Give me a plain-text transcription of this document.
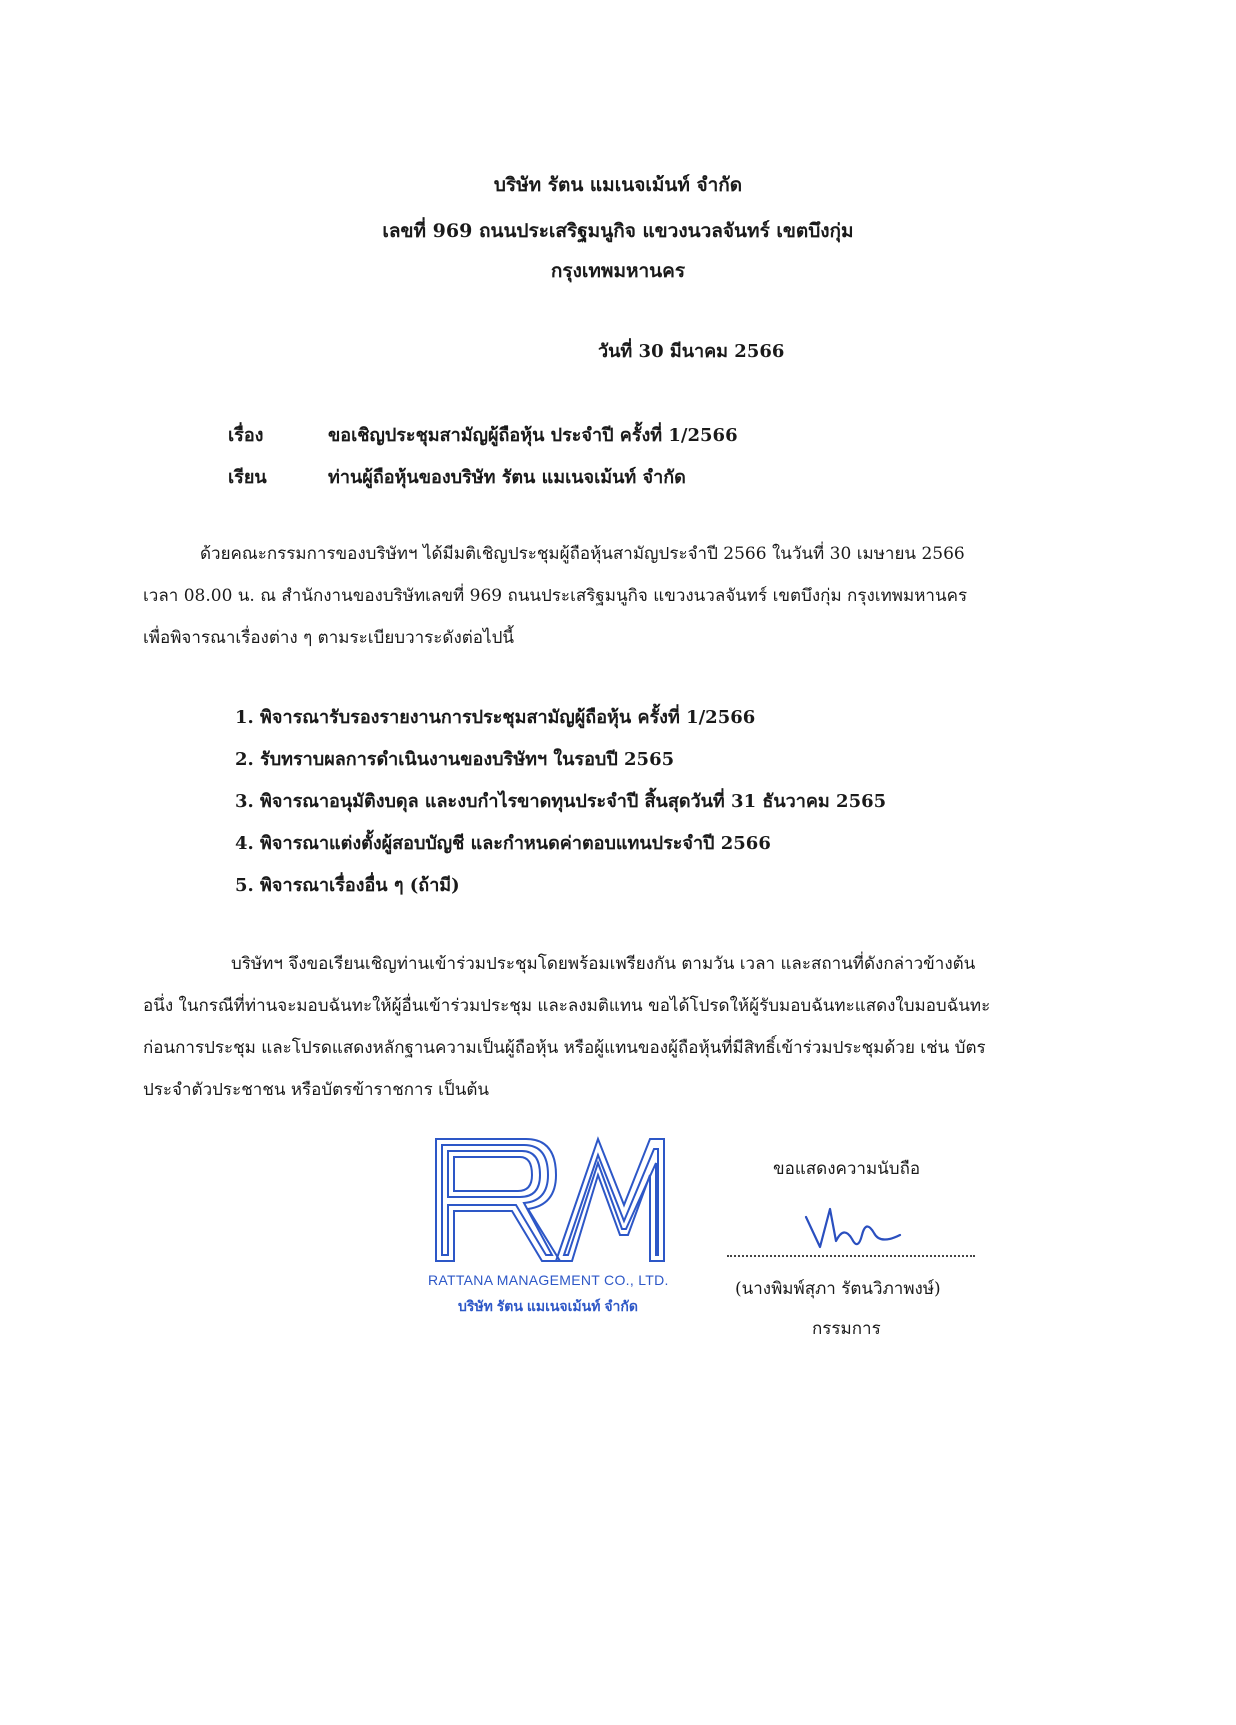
บริษัท รัตน แมเนจเม้นท์ จำกัด
เลขที่ 969 ถนนประเสริฐมนูกิจ แขวงนวลจันทร์ เขตบึงกุ่ม
กรุงเทพมหานคร
วันที่ 30 มีนาคม 2566
เรื่อง	ขอเชิญประชุมสามัญผู้ถือหุ้น ประจำปี ครั้งที่ 1/2566
เรียน	ท่านผู้ถือหุ้นของบริษัท รัตน แมเนจเม้นท์ จำกัด
ด้วยคณะกรรมการของบริษัทฯ ได้มีมติเชิญประชุมผู้ถือหุ้นสามัญประจำปี 2566 ในวันที่ 30 เมษายน 2566
เวลา 08.00 น. ณ สำนักงานของบริษัทเลขที่ 969 ถนนประเสริฐมนูกิจ แขวงนวลจันทร์ เขตบึงกุ่ม กรุงเทพมหานคร
เพื่อพิจารณาเรื่องต่าง ๆ ตามระเบียบวาระดังต่อไปนี้
1. พิจารณารับรองรายงานการประชุมสามัญผู้ถือหุ้น ครั้งที่ 1/2566
2. รับทราบผลการดำเนินงานของบริษัทฯ ในรอบปี 2565
3. พิจารณาอนุมัติงบดุล และงบกำไรขาดทุนประจำปี สิ้นสุดวันที่ 31 ธันวาคม 2565
4. พิจารณาแต่งตั้งผู้สอบบัญชี และกำหนดค่าตอบแทนประจำปี 2566
5. พิจารณาเรื่องอื่น ๆ (ถ้ามี)
บริษัทฯ จึงขอเรียนเชิญท่านเข้าร่วมประชุมโดยพร้อมเพรียงกัน ตามวัน เวลา และสถานที่ดังกล่าวข้างต้น
อนึ่ง ในกรณีที่ท่านจะมอบฉันทะให้ผู้อื่นเข้าร่วมประชุม และลงมติแทน ขอได้โปรดให้ผู้รับมอบฉันทะแสดงใบมอบฉันทะ
ก่อนการประชุม และโปรดแสดงหลักฐานความเป็นผู้ถือหุ้น หรือผู้แทนของผู้ถือหุ้นที่มีสิทธิ์เข้าร่วมประชุมด้วย เช่น บัตร
ประจำตัวประชาชน หรือบัตรข้าราชการ เป็นต้น
RATTANA MANAGEMENT CO., LTD.
บริษัท รัตน แมเนจเม้นท์ จำกัด
ขอแสดงความนับถือ
(นางพิมพ์สุภา รัตนวิภาพงษ์)
กรรมการ
